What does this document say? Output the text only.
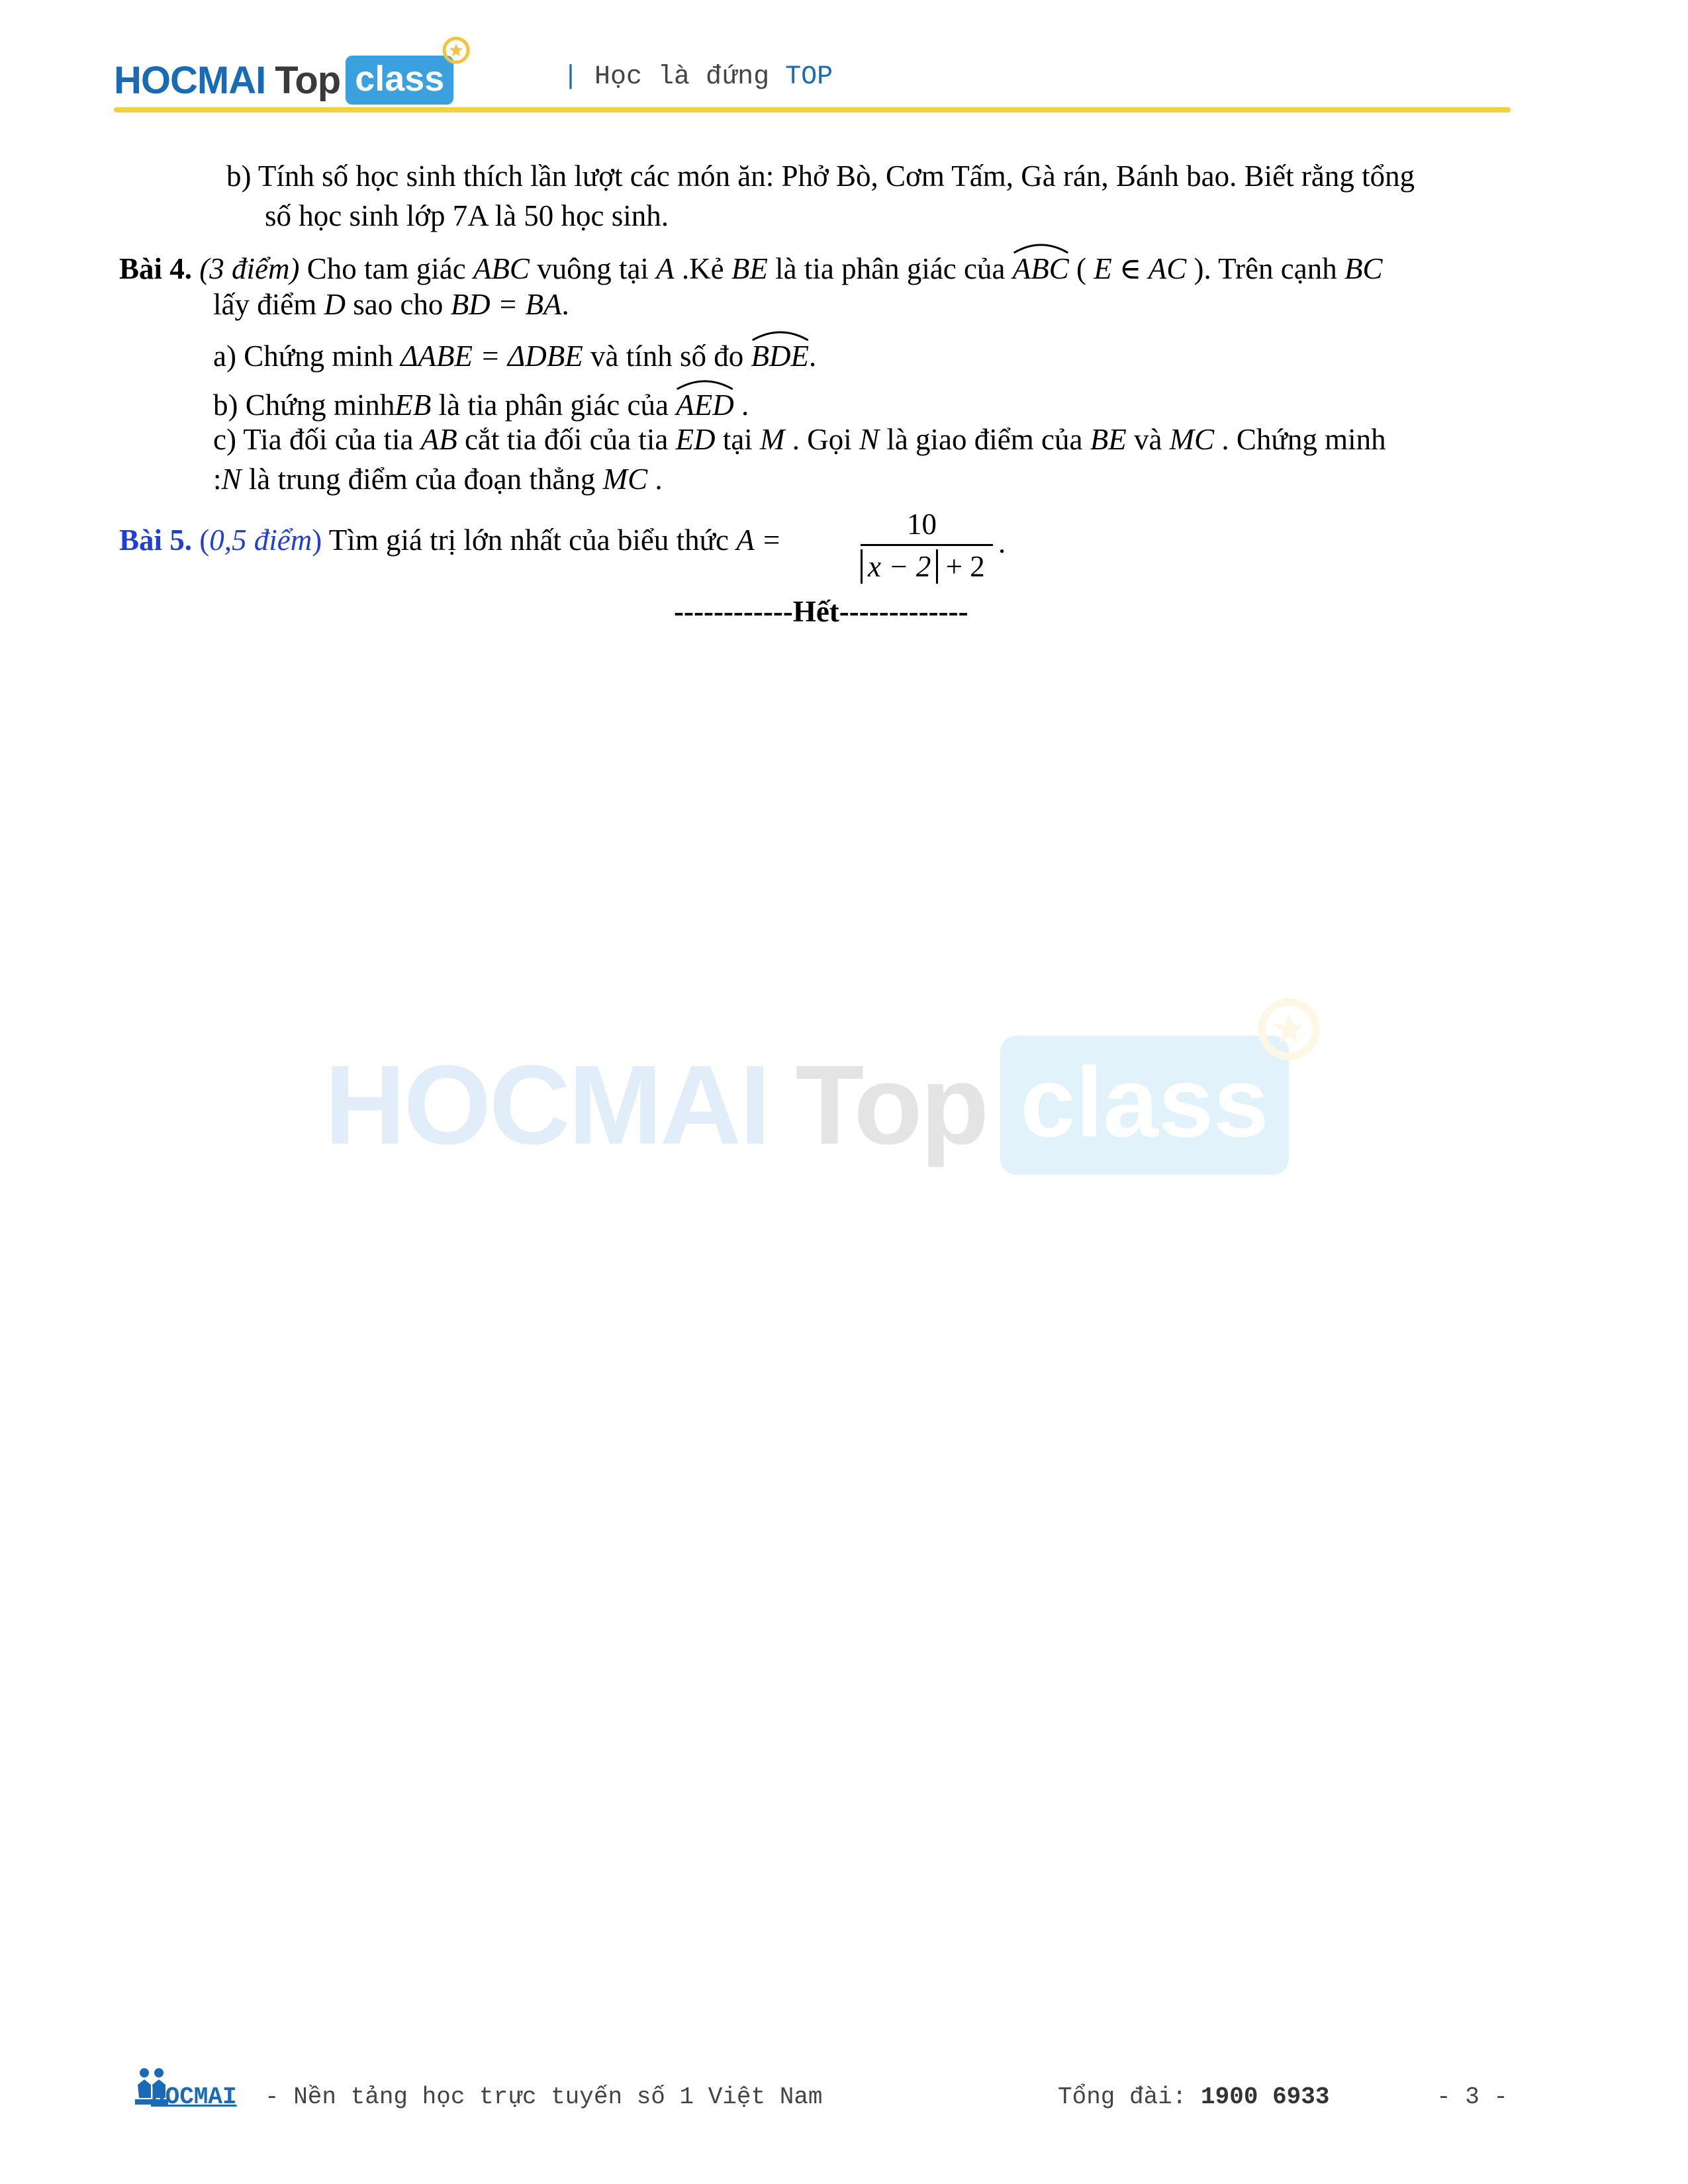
HOCMAI Top class	| Học là đứng TOP
HOCMAI Top class
b) Tính số học sinh thích lần lượt các món ăn: Phở Bò, Cơm Tấm, Gà rán, Bánh bao. Biết rằng tổng
số học sinh lớp 7A là 50 học sinh.
Bài 4. (3 điểm) Cho tam giác ABC vuông tại A .Kẻ BE là tia phân giác của ABC ( E ∈ AC ). Trên cạnh BC
lấy điểm D sao cho BD = BA.
a) Chứng minh ΔABE = ΔDBE và tính số đo BDE.
b) Chứng minhEB là tia phân giác của AED .
c) Tia đối của tia AB cắt tia đối của tia ED tại M . Gọi N là giao điểm của BE và MC . Chứng minh
:N là trung điểm của đoạn thẳng MC .
Bài 5. (0,5 điểm) Tìm giá trị lớn nhất của biểu thức A =	10
x − 2 + 2
.
------------Hết-------------
HOCMAI - Nền tảng học trực tuyến số 1 Việt Nam	Tổng đài: 1900 6933	- 3 -
